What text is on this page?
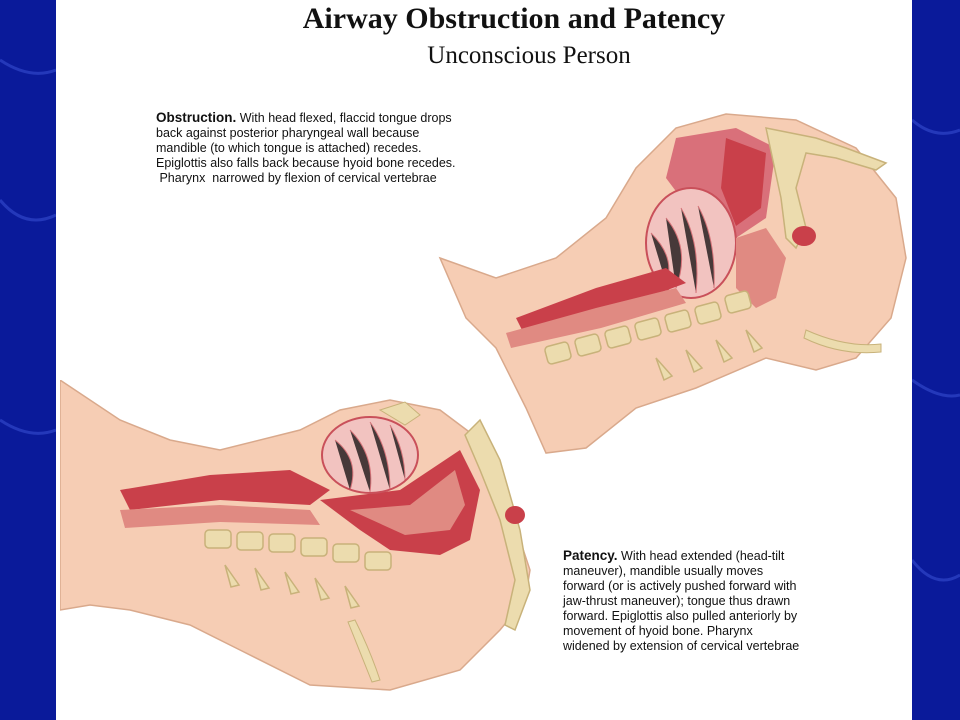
Airway Obstruction and Patency
Unconscious Person
Obstruction. With head flexed, flaccid tongue drops
back against posterior pharyngeal wall because
mandible (to which tongue is attached) recedes.
Epiglottis also falls back because hyoid bone recedes.
Pharynx  narrowed by flexion of cervical vertebrae
Patency. With head extended (head-tilt
maneuver), mandible usually moves
forward (or is actively pushed forward with
jaw-thrust maneuver); tongue thus drawn
forward. Epiglottis also pulled anteriorly by
movement of hyoid bone. Pharynx
widened by extension of cervical vertebrae
